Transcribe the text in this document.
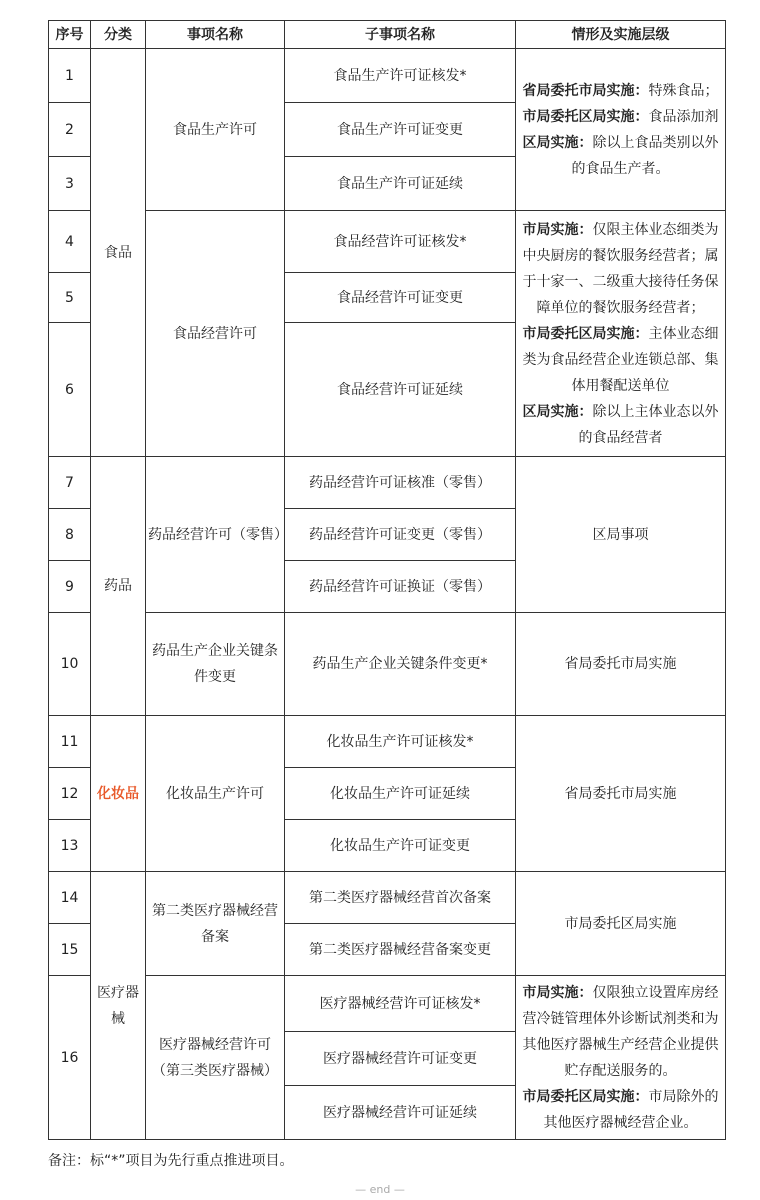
序号	分类	事项名称	子事项名称	情形及实施层级
1	食品	食品生产许可	食品生产许可证核发*	省局委托市局实施：特殊食品；
市局委托区局实施：食品添加剂
区局实施：除以上食品类别以外的食品生产者。
2			食品生产许可证变更	
3			食品生产许可证延续	
4		食品经营许可	食品经营许可证核发*	市局实施：仅限主体业态细类为中央厨房的餐饮服务经营者；属于十家一、二级重大接待任务保障单位的餐饮服务经营者；
市局委托区局实施：主体业态细类为食品经营企业连锁总部、集体用餐配送单位
区局实施：除以上主体业态以外的食品经营者
5			食品经营许可证变更	
6			食品经营许可证延续	
7	药品	药品经营许可（零售）	药品经营许可证核准（零售）	区局事项
8			药品经营许可证变更（零售）	
9			药品经营许可证换证（零售）	
10		药品生产企业关键条件变更	药品生产企业关键条件变更*	省局委托市局实施
11	化妆品	化妆品生产许可	化妆品生产许可证核发*	省局委托市局实施
12			化妆品生产许可证延续	
13			化妆品生产许可证变更	
14	医疗器械	第二类医疗器械经营备案	第二类医疗器械经营首次备案	市局委托区局实施
15			第二类医疗器械经营备案变更	
16		医疗器械经营许可（第三类医疗器械）	医疗器械经营许可证核发*	市局实施：仅限独立设置库房经营冷链管理体外诊断试剂类和为其他医疗器械生产经营企业提供贮存配送服务的。
市局委托区局实施：市局除外的其他医疗器械经营企业。
			医疗器械经营许可证变更	
			医疗器械经营许可证延续	
备注：标“*”项目为先行重点推进项目。
— end —
